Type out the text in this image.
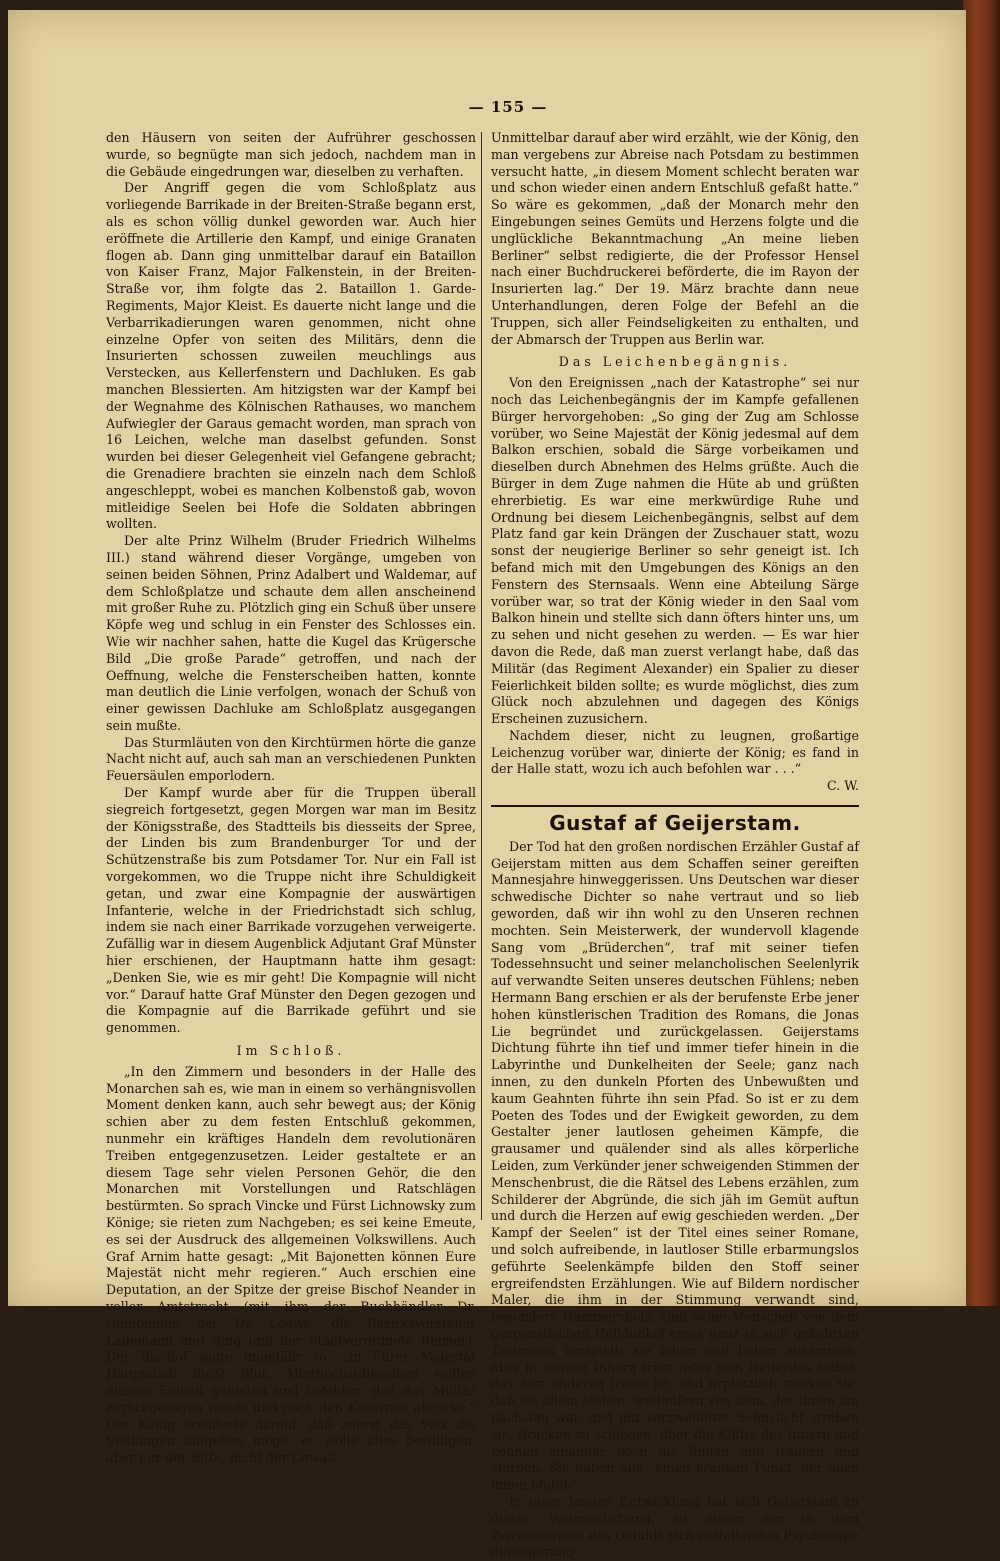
— 155 —

den Häusern von seiten der Aufrührer geschossen wurde, so begnügte man sich jedoch, nachdem man in die Gebäude eingedrungen war, dieselben zu verhaften.

Der Angriff gegen die vom Schloßplatz aus vorliegende Barrikade in der Breiten-Straße begann erst, als es schon völlig dunkel geworden war. Auch hier eröffnete die Artillerie den Kampf, und einige Granaten flogen ab. Dann ging unmittelbar darauf ein Bataillon von Kaiser Franz, Major Falkenstein, in der Breiten-Straße vor, ihm folgte das 2. Bataillon 1. Garde-Regiments, Major Kleist. Es dauerte nicht lange und die Verbarrikadierungen waren genommen, nicht ohne einzelne Opfer von seiten des Militärs, denn die Insurierten schossen zuweilen meuchlings aus Verstecken, aus Kellerfenstern und Dachluken. Es gab manchen Blessierten. Am hitzigsten war der Kampf bei der Wegnahme des Kölnischen Rathauses, wo manchem Aufwiegler der Garaus gemacht worden, man sprach von 16 Leichen, welche man daselbst gefunden. Sonst wurden bei dieser Gelegenheit viel Gefangene gebracht; die Grenadiere brachten sie einzeln nach dem Schloß angeschleppt, wobei es manchen Kolbenstoß gab, wovon mitleidige Seelen bei Hofe die Soldaten abbringen wollten.

Der alte Prinz Wilhelm (Bruder Friedrich Wilhelms III.) stand während dieser Vorgänge, umgeben von seinen beiden Söhnen, Prinz Adalbert und Waldemar, auf dem Schloßplatze und schaute dem allen anscheinend mit großer Ruhe zu. Plötzlich ging ein Schuß über unsere Köpfe weg und schlug in ein Fenster des Schlosses ein. Wie wir nachher sahen, hatte die Kugel das Krügersche Bild „Die große Parade“ getroffen, und nach der Oeffnung, welche die Fensterscheiben hatten, konnte man deutlich die Linie verfolgen, wonach der Schuß von einer gewissen Dachluke am Schloßplatz ausgegangen sein mußte.

Das Sturmläuten von den Kirchtürmen hörte die ganze Nacht nicht auf, auch sah man an verschiedenen Punkten Feuersäulen emporlodern.

Der Kampf wurde aber für die Truppen überall siegreich fortgesetzt, gegen Morgen war man im Besitz der Königsstraße, des Stadtteils bis diesseits der Spree, der Linden bis zum Brandenburger Tor und der Schützenstraße bis zum Potsdamer Tor. Nur ein Fall ist vorgekommen, wo die Truppe nicht ihre Schuldigkeit getan, und zwar eine Kompagnie der auswärtigen Infanterie, welche in der Friedrichstadt sich schlug, indem sie nach einer Barrikade vorzugehen verweigerte. Zufällig war in diesem Augenblick Adjutant Graf Münster hier erschienen, der Hauptmann hatte ihm gesagt: „Denken Sie, wie es mir geht! Die Kompagnie will nicht vor.“ Darauf hatte Graf Münster den Degen gezogen und die Kompagnie auf die Barrikade geführt und sie genommen.

Im Schloß.

„In den Zimmern und besonders in der Halle des Monarchen sah es, wie man in einem so verhängnisvollen Moment denken kann, auch sehr bewegt aus; der König schien aber zu dem festen Entschluß gekommen, nunmehr ein kräftiges Handeln dem revolutionären Treiben entgegenzusetzen. Leider gestaltete er an diesem Tage sehr vielen Personen Gehör, die den Monarchen mit Vorstellungen und Ratschlägen bestürmten. So sprach Vincke und Fürst Lichnowsky zum Könige; sie rieten zum Nachgeben; es sei keine Emeute, es sei der Ausdruck des allgemeinen Volkswillens. Auch Graf Arnim hatte gesagt: „Mit Bajonetten können Eure Majestät nicht mehr regieren.“ Auch erschien eine Deputation, an der Spitze der greise Bischof Neander in voller Amtstracht (mit ihm der Buchhändler Dr. Gumbinner, der Dr. Loewe, die Bezirksvorsteher Lademann und Ring und der Stadtverordnete Reimer). Der Bischof sagte ungefähr so: „In Eurer Majestät Hauptstadt fließt Blut, Allerhöchstdieselben wollen diesem Einhalt gebieten und befehlen, daß das Militär zurückgezogen werde und nach den Kasernen abrücke.“ Der König erwiderte darauf, daß zuerst das Volk die Stellungen aufgeben möge, er wolle alles bewilligen, aber nur der Bitte, nicht der Gewalt.“

Unmittelbar darauf aber wird erzählt, wie der König, den man vergebens zur Abreise nach Potsdam zu bestimmen versucht hatte, „in diesem Moment schlecht beraten war und schon wieder einen andern Entschluß gefaßt hatte.“ So wäre es gekommen, „daß der Monarch mehr den Eingebungen seines Gemüts und Herzens folgte und die unglückliche Bekanntmachung „An meine lieben Berliner“ selbst redigierte, die der Professor Hensel nach einer Buchdruckerei beförderte, die im Rayon der Insurierten lag.“ Der 19. März brachte dann neue Unterhandlungen, deren Folge der Befehl an die Truppen, sich aller Feindseligkeiten zu enthalten, und der Abmarsch der Truppen aus Berlin war.

Das Leichenbegängnis.

Von den Ereignissen „nach der Katastrophe“ sei nur noch das Leichenbegängnis der im Kampfe gefallenen Bürger hervorgehoben: „So ging der Zug am Schlosse vorüber, wo Seine Majestät der König jedesmal auf dem Balkon erschien, sobald die Särge vorbeikamen und dieselben durch Abnehmen des Helms grüßte. Auch die Bürger in dem Zuge nahmen die Hüte ab und grüßten ehrerbietig. Es war eine merkwürdige Ruhe und Ordnung bei diesem Leichenbegängnis, selbst auf dem Platz fand gar kein Drängen der Zuschauer statt, wozu sonst der neugierige Berliner so sehr geneigt ist. Ich befand mich mit den Umgebungen des Königs an den Fenstern des Sternsaals. Wenn eine Abteilung Särge vorüber war, so trat der König wieder in den Saal vom Balkon hinein und stellte sich dann öfters hinter uns, um zu sehen und nicht gesehen zu werden. — Es war hier davon die Rede, daß man zuerst verlangt habe, daß das Militär (das Regiment Alexander) ein Spalier zu dieser Feierlichkeit bilden sollte; es wurde möglichst, dies zum Glück noch abzulehnen und dagegen des Königs Erscheinen zuzusichern.

Nachdem dieser, nicht zu leugnen, großartige Leichenzug vorüber war, dinierte der König; es fand in der Halle statt, wozu ich auch befohlen war . . .“

C. W.
Gustaf af Geijerstam.

Der Tod hat den großen nordischen Erzähler Gustaf af Geijerstam mitten aus dem Schaffen seiner gereiften Mannesjahre hinweggerissen. Uns Deutschen war dieser schwedische Dichter so nahe vertraut und so lieb geworden, daß wir ihn wohl zu den Unseren rechnen mochten. Sein Meisterwerk, der wundervoll klagende Sang vom „Brüderchen“, traf mit seiner tiefen Todessehnsucht und seiner melancholischen Seelenlyrik auf verwandte Seiten unseres deutschen Fühlens; neben Hermann Bang erschien er als der berufenste Erbe jener hohen künstlerischen Tradition des Romans, die Jonas Lie begründet und zurückgelassen. Geijerstams Dichtung führte ihn tief und immer tiefer hinein in die Labyrinthe und Dunkelheiten der Seele; ganz nach innen, zu den dunkeln Pforten des Unbewußten und kaum Geahnten führte ihn sein Pfad. So ist er zu dem Poeten des Todes und der Ewigkeit geworden, zu dem Gestalter jener lautlosen geheimen Kämpfe, die grausamer und quälender sind als alles körperliche Leiden, zum Verkünder jener schweigenden Stimmen der Menschenbrust, die die Rätsel des Lebens erzählen, zum Schilderer der Abgründe, die sich jäh im Gemüt auftun und durch die Herzen auf ewig geschieden werden. „Der Kampf der Seelen“ ist der Titel eines seiner Romane, und solch aufreibende, in lautloser Stille erbarmungslos geführte Seelenkämpfe bilden den Stoff seiner ergreifendsten Erzählungen. Wie auf Bildern nordischer Maler, die ihm in der Stimmung verwandt sind, besonders Hammershois, sind seine Menschen von dem gespenstischen Helldunkel eines ganz in sich gekehrten Träumens umspielt; sie leben und lieben zusammen, aber in seinem Innern trägt jeder sein Heiligstes selbst, das dem anderen fremd ist, und urplötzlich merken sie, daß sie allein stehen, weltenfern von dem, der ihnen am nächsten war, und mit verzweifelter Sehnsucht streben sie, Brücken zu schlagen, über die Klüfte des Innern und können einander doch nie finden und trauern und sterben. Sie haben alle „einen kranken Punkt, der nach innen blutet.“

In einer langen Entwicklung hat sich Geijerstam zu dieser Verinnerlichung, zu dieser nur in dem Zwischenreich des Gefühls sich entfaltenden Psychologie durchgerung-
